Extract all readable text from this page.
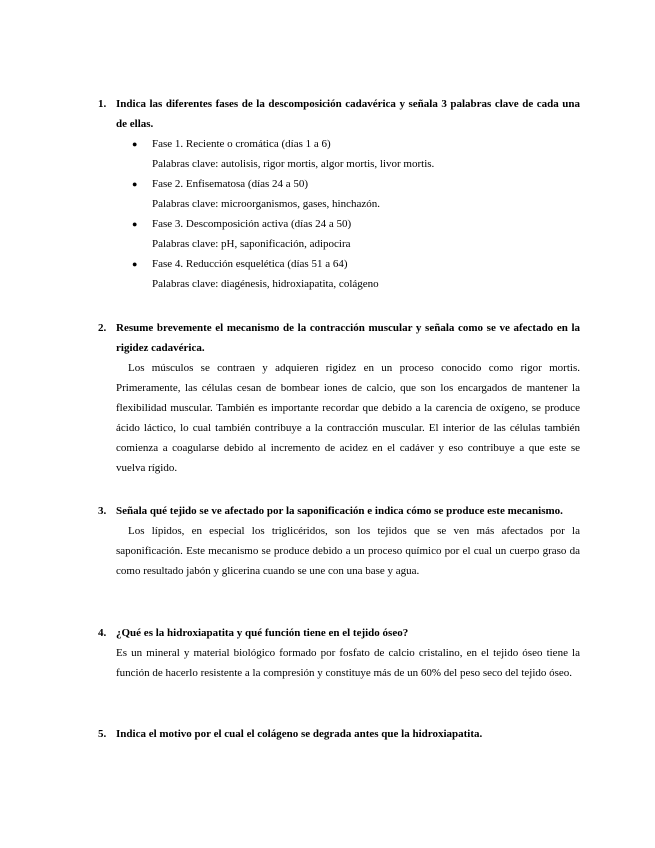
1. Indica las diferentes fases de la descomposición cadavérica y señala 3 palabras clave de cada una de ellas.
● Fase 1. Reciente o cromática (días 1 a 6)
Palabras clave: autolisis, rigor mortis, algor mortis, livor mortis.
● Fase 2. Enfisematosa (días 24 a 50)
Palabras clave: microorganismos, gases, hinchazón.
● Fase 3. Descomposición activa (días 24 a 50)
Palabras clave: pH, saponificación, adipocira
● Fase 4. Reducción esquelética (días 51 a 64)
Palabras clave: diagénesis, hidroxiapatita, colágeno
2. Resume brevemente el mecanismo de la contracción muscular y señala como se ve afectado en la rigidez cadavérica.
Los músculos se contraen y adquieren rigidez en un proceso conocido como rigor mortis. Primeramente, las células cesan de bombear iones de calcio, que son los encargados de mantener la flexibilidad muscular. También es importante recordar que debido a la carencia de oxígeno, se produce ácido láctico, lo cual también contribuye a la contracción muscular. El interior de las células también comienza a coagularse debido al incremento de acidez en el cadáver y eso contribuye a que este se vuelva rígido.
3. Señala qué tejido se ve afectado por la saponificación e indica cómo se produce este mecanismo.
Los lípidos, en especial los triglicéridos, son los tejidos que se ven más afectados por la saponificación. Este mecanismo se produce debido a un proceso químico por el cual un cuerpo graso da como resultado jabón y glicerina cuando se une con una base y agua.
4. ¿Qué es la hidroxiapatita y qué función tiene en el tejido óseo?
Es un mineral y material biológico formado por fosfato de calcio cristalino, en el tejido óseo tiene la función de hacerlo resistente a la compresión y constituye más de un 60% del peso seco del tejido óseo.
5. Indica el motivo por el cual el colágeno se degrada antes que la hidroxiapatita.
